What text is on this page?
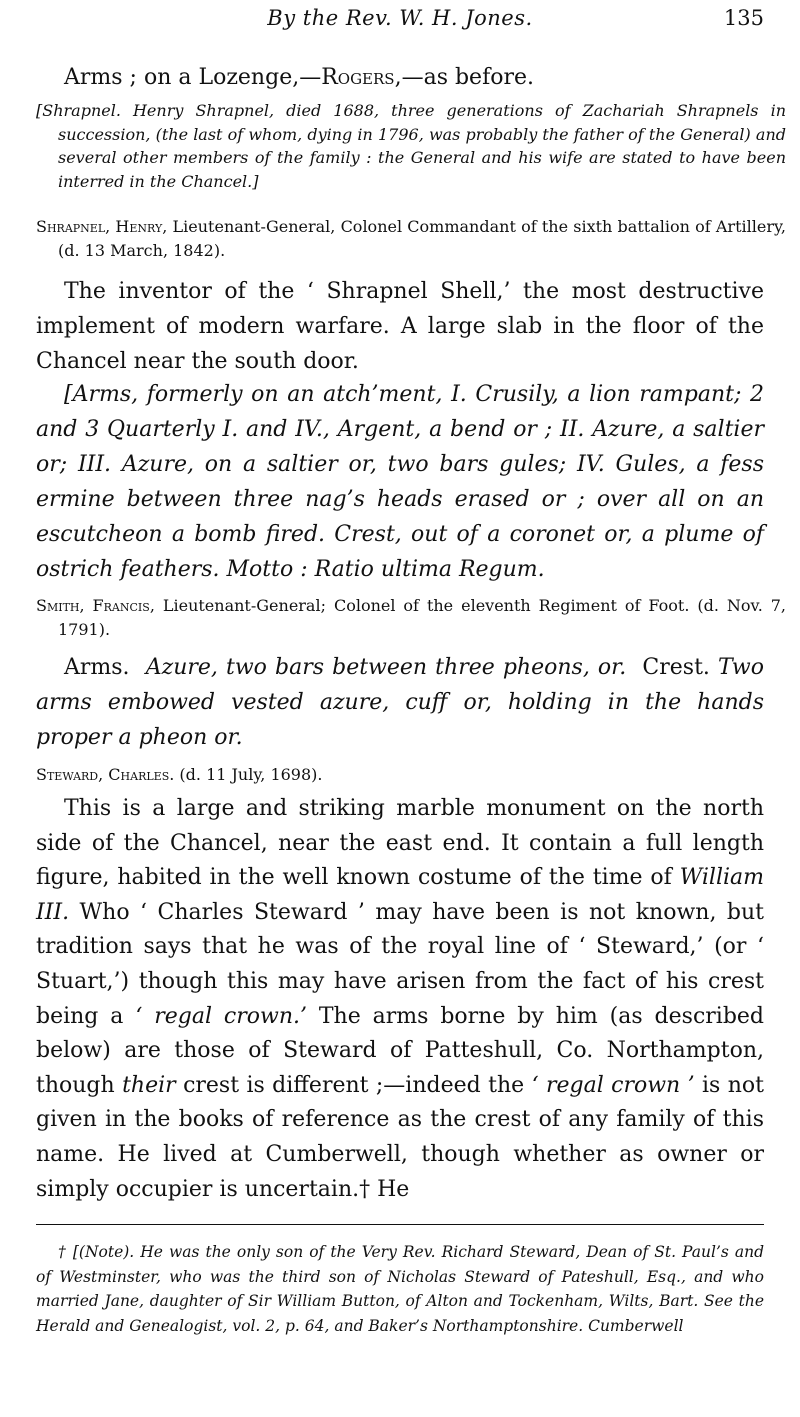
By the Rev. W. H. Jones.	135

Arms ; on a Lozenge,—Rogers,—as before.

[Shrapnel. Henry Shrapnel, died 1688, three generations of Zachariah Shrapnels in succession, (the last of whom, dying in 1796, was probably the father of the General) and several other members of the family : the General and his wife are stated to have been interred in the Chancel.]

Shrapnel, Henry, Lieutenant-General, Colonel Commandant of the sixth battalion of Artillery, (d. 13 March, 1842).

The inventor of the ‘ Shrapnel Shell,’ the most destructive implement of modern warfare. A large slab in the floor of the Chancel near the south door.

[Arms, formerly on an atch’ment, I. Crusily, a lion rampant; 2 and 3 Quarterly I. and IV., Argent, a bend or ; II. Azure, a saltier or; III. Azure, on a saltier or, two bars gules; IV. Gules, a fess ermine between three nag’s heads erased or ; over all on an escutcheon a bomb fired. Crest, out of a coronet or, a plume of ostrich feathers. Motto : Ratio ultima Regum.

Smith, Francis, Lieutenant-General; Colonel of the eleventh Regiment of Foot. (d. Nov. 7, 1791).

Arms. Azure, two bars between three pheons, or. Crest. Two arms embowed vested azure, cuff or, holding in the hands proper a pheon or.

Steward, Charles. (d. 11 July, 1698).

This is a large and striking marble monument on the north side of the Chancel, near the east end. It contain a full length figure, habited in the well known costume of the time of William III. Who ‘ Charles Steward ’ may have been is not known, but tradition says that he was of the royal line of ‘ Steward,’ (or ‘ Stuart,’) though this may have arisen from the fact of his crest being a ‘ regal crown.’ The arms borne by him (as described below) are those of Steward of Patteshull, Co. Northampton, though their crest is different ;—indeed the ‘ regal crown ’ is not given in the books of reference as the crest of any family of this name. He lived at Cumberwell, though whether as owner or simply occupier is uncertain.† He

† [(Note). He was the only son of the Very Rev. Richard Steward, Dean of St. Paul’s and of Westminster, who was the third son of Nicholas Steward of Pateshull, Esq., and who married Jane, daughter of Sir William Button, of Alton and Tockenham, Wilts, Bart. See the Herald and Genealogist, vol. 2, p. 64, and Baker’s Northamptonshire. Cumberwell
